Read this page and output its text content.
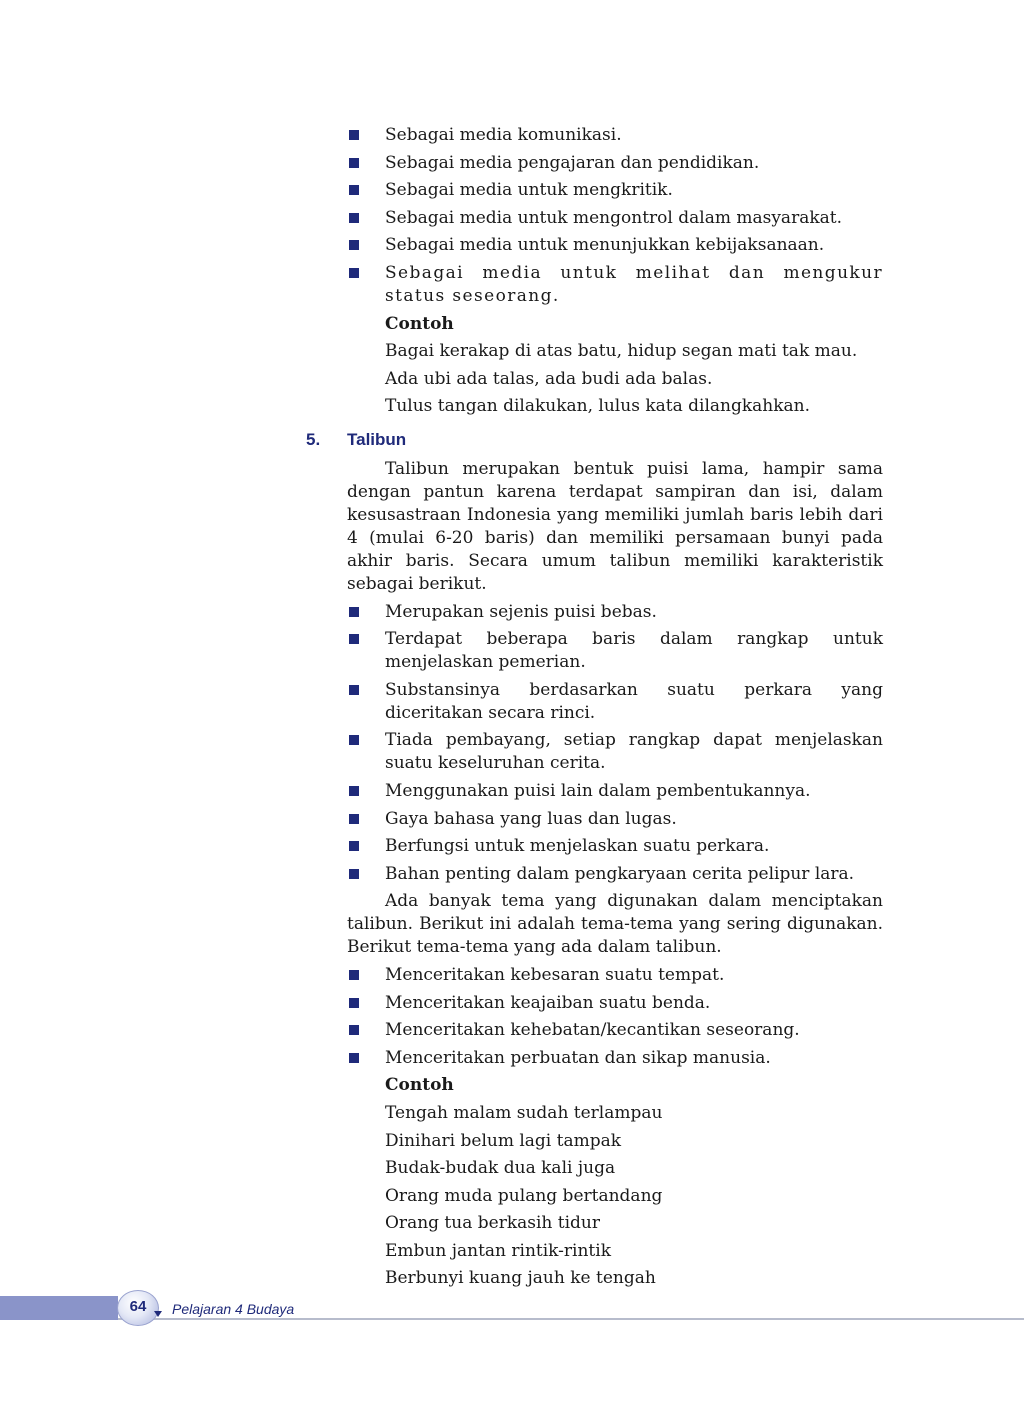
Sebagai media komunikasi.
Sebagai media pengajaran dan pendidikan.
Sebagai media untuk mengkritik.
Sebagai media untuk mengontrol dalam masyarakat.
Sebagai media untuk menunjukkan kebijaksanaan.
Sebagai media untuk melihat dan mengukur status seseorang.
Contoh
Bagai kerakap di atas batu, hidup segan mati tak mau.
Ada ubi ada talas, ada budi ada balas.
Tulus tangan dilakukan, lulus kata dilangkahkan.
5. Talibun

Talibun merupakan bentuk puisi lama, hampir sama dengan pantun karena terdapat sampiran dan isi, dalam kesusastraan Indonesia yang memiliki jumlah baris lebih dari 4 (mulai 6-20 baris) dan memiliki persamaan bunyi pada akhir baris. Secara umum talibun memiliki karakteristik sebagai berikut.

Merupakan sejenis puisi bebas.
Terdapat beberapa baris dalam rangkap untuk menjelaskan pemerian.
Substansinya berdasarkan suatu perkara yang diceritakan secara rinci.
Tiada pembayang, setiap rangkap dapat menjelaskan suatu keseluruhan cerita.
Menggunakan puisi lain dalam pembentukannya.
Gaya bahasa yang luas dan lugas.
Berfungsi untuk menjelaskan suatu perkara.
Bahan penting dalam pengkaryaan cerita pelipur lara.

Ada banyak tema yang digunakan dalam menciptakan talibun. Berikut ini adalah tema-tema yang sering digunakan. Berikut tema-tema yang ada dalam talibun.

Menceritakan kebesaran suatu tempat.
Menceritakan keajaiban suatu benda.
Menceritakan kehebatan/kecantikan seseorang.
Menceritakan perbuatan dan sikap manusia.
Contoh
Tengah malam sudah terlampau
Dinihari belum lagi tampak
Budak-budak dua kali juga
Orang muda pulang bertandang
Orang tua berkasih tidur
Embun jantan rintik-rintik
Berbunyi kuang jauh ke tengah
64	Pelajaran 4 Budaya
